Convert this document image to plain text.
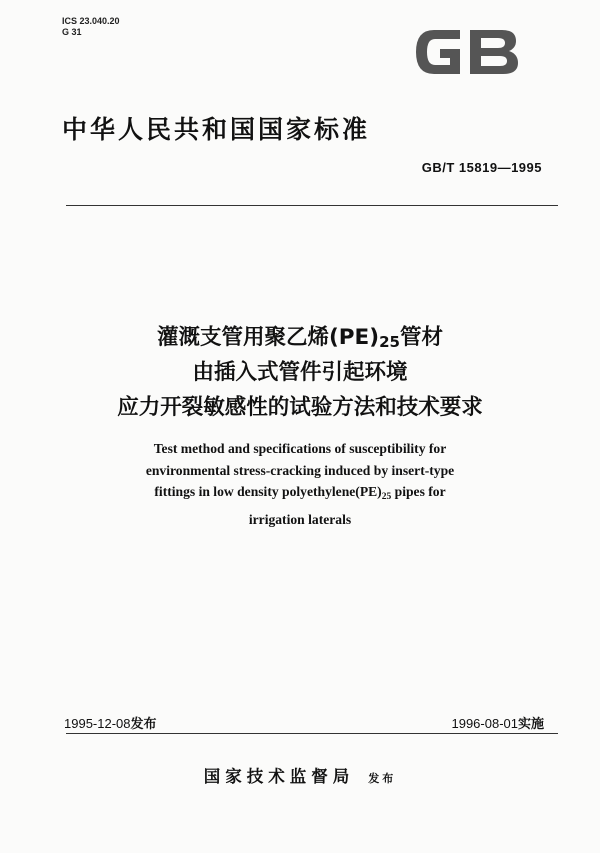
ICS 23.040.20
G 31
中华人民共和国国家标准
GB/T 15819—1995
灌溉支管用聚乙烯$(PE)_{25}$管材
由插入式管件引起环境
应力开裂敏感性的试验方法和技术要求
Test method and specifications of susceptibility for
environmental stress-cracking induced by insert-type
fittings in low density $polyethylene(PE)_{25}$ pipes for
irrigation laterals
1995-12-08发布	1996-08-01实施
国家技术监督局 发布
